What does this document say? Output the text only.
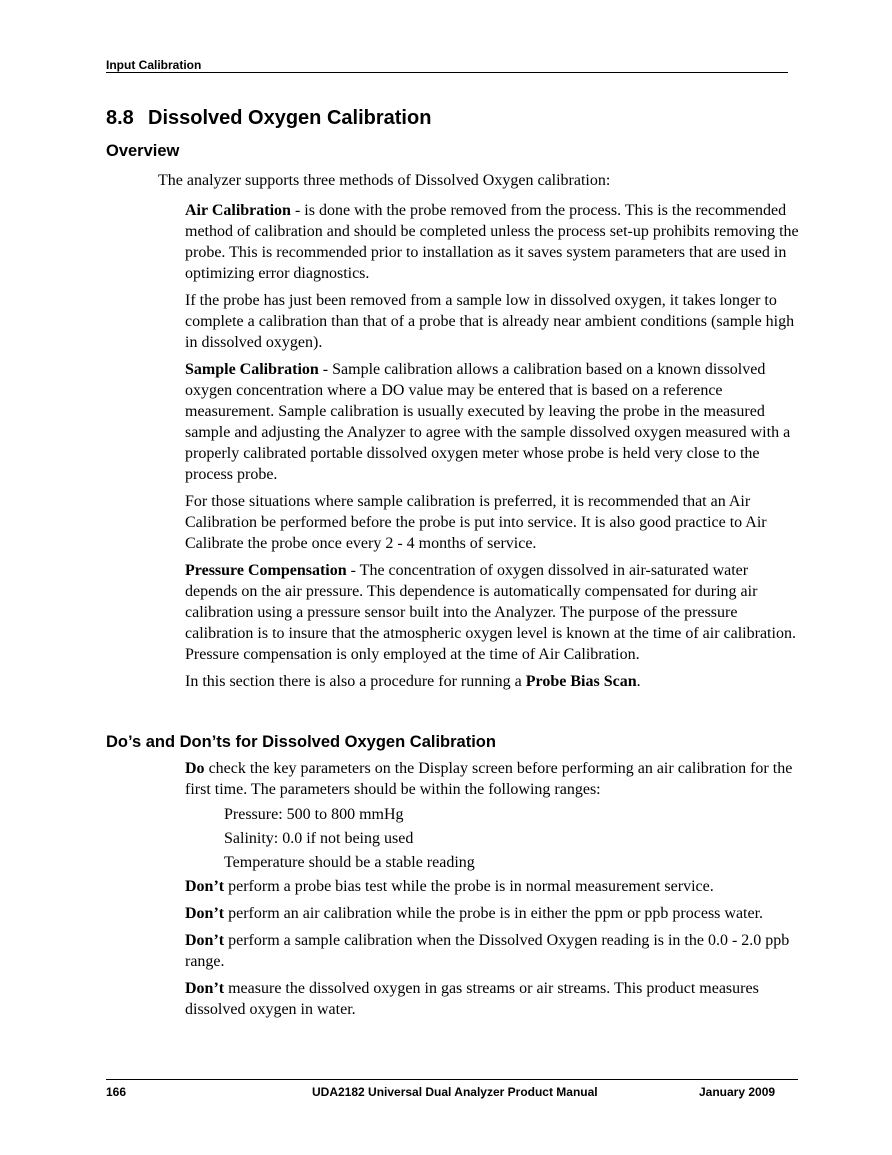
Input Calibration
8.8 Dissolved Oxygen Calibration
Overview

The analyzer supports three methods of Dissolved Oxygen calibration:

Air Calibration - is done with the probe removed from the process. This is the recommended method of calibration and should be completed unless the process set-up prohibits removing the probe. This is recommended prior to installation as it saves system parameters that are used in optimizing error diagnostics.

If the probe has just been removed from a sample low in dissolved oxygen, it takes longer to complete a calibration than that of a probe that is already near ambient conditions (sample high in dissolved oxygen).

Sample Calibration - Sample calibration allows a calibration based on a known dissolved oxygen concentration where a DO value may be entered that is based on a reference measurement. Sample calibration is usually executed by leaving the probe in the measured sample and adjusting the Analyzer to agree with the sample dissolved oxygen measured with a properly calibrated portable dissolved oxygen meter whose probe is held very close to the process probe.

For those situations where sample calibration is preferred, it is recommended that an Air Calibration be performed before the probe is put into service. It is also good practice to Air Calibrate the probe once every 2 - 4 months of service.

Pressure Compensation - The concentration of oxygen dissolved in air-saturated water depends on the air pressure. This dependence is automatically compensated for during air calibration using a pressure sensor built into the Analyzer. The purpose of the pressure calibration is to insure that the atmospheric oxygen level is known at the time of air calibration. Pressure compensation is only employed at the time of Air Calibration.

In this section there is also a procedure for running a Probe Bias Scan.

Do’s and Don’ts for Dissolved Oxygen Calibration

Do check the key parameters on the Display screen before performing an air calibration for the first time. The parameters should be within the following ranges:

Pressure: 500 to 800 mmHg
Salinity: 0.0 if not being used
Temperature should be a stable reading

Don’t perform a probe bias test while the probe is in normal measurement service.

Don’t perform an air calibration while the probe is in either the ppm or ppb process water.

Don’t perform a sample calibration when the Dissolved Oxygen reading is in the 0.0 - 2.0 ppb range.

Don’t measure the dissolved oxygen in gas streams or air streams. This product measures dissolved oxygen in water.

166	UDA2182 Universal Dual Analyzer Product Manual	January 2009
